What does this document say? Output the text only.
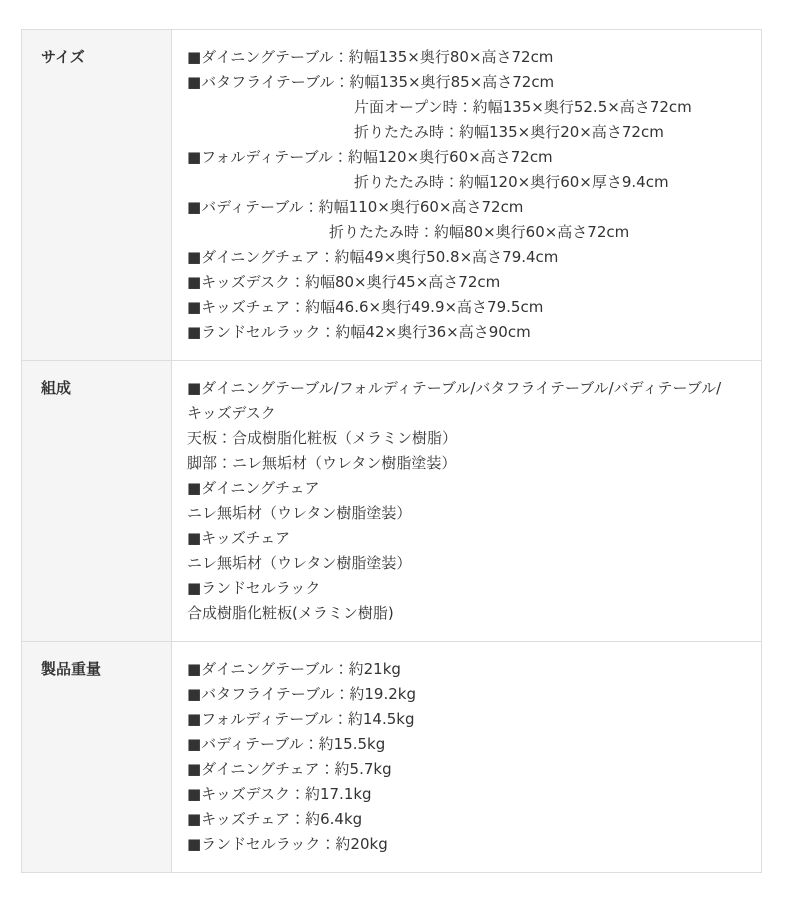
サイズ	■ダイニングテーブル：約幅135×奥行80×高さ72cm
■バタフライテーブル：約幅135×奥行85×高さ72cm
片面オープン時：約幅135×奥行52.5×高さ72cm
折りたたみ時：約幅135×奥行20×高さ72cm
■フォルディテーブル：約幅120×奥行60×高さ72cm
折りたたみ時：約幅120×奥行60×厚さ9.4cm
■バディテーブル：約幅110×奥行60×高さ72cm
折りたたみ時：約幅80×奥行60×高さ72cm
■ダイニングチェア：約幅49×奥行50.8×高さ79.4cm
■キッズデスク：約幅80×奥行45×高さ72cm
■キッズチェア：約幅46.6×奥行49.9×高さ79.5cm
■ランドセルラック：約幅42×奥行36×高さ90cm
組成	■ダイニングテーブル/フォルディテーブル/バタフライテーブル/バディテーブル/キッズデスク
天板：合成樹脂化粧板（メラミン樹脂）
脚部：ニレ無垢材（ウレタン樹脂塗装）
■ダイニングチェア
ニレ無垢材（ウレタン樹脂塗装）
■キッズチェア
ニレ無垢材（ウレタン樹脂塗装）
■ランドセルラック
合成樹脂化粧板(メラミン樹脂)
製品重量	■ダイニングテーブル：約21kg
■バタフライテーブル：約19.2kg
■フォルディテーブル：約14.5kg
■バディテーブル：約15.5kg
■ダイニングチェア：約5.7kg
■キッズデスク：約17.1kg
■キッズチェア：約6.4kg
■ランドセルラック：約20kg
